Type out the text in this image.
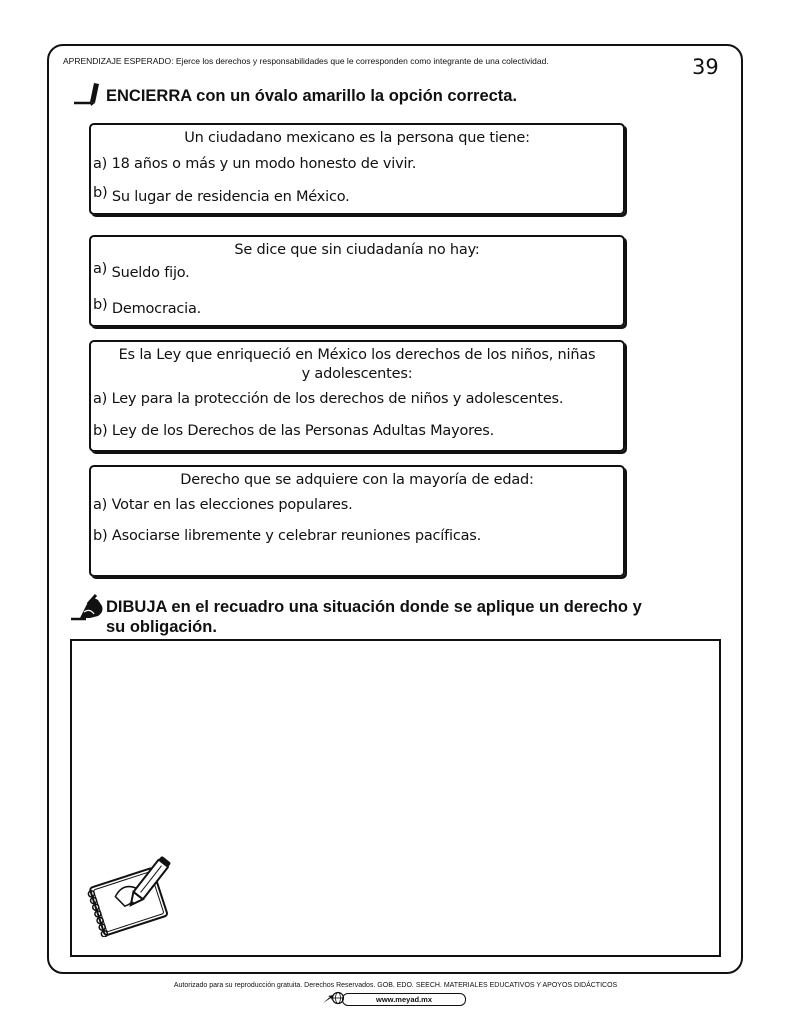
APRENDIZAJE ESPERADO: Ejerce los derechos y responsabilidades que le corresponden como integrante de una colectividad.	39
ENCIERRA con un óvalo amarillo la opción correcta.
Un ciudadano mexicano es la persona que tiene:
a) 18 años o más y un modo honesto de vivir.
b) Su lugar de residencia en México.
Se dice que sin ciudadanía no hay:
a) Sueldo fijo.
b) Democracia.
Es la Ley que enriqueció en México los derechos de los niños, niñas
y adolescentes:
a) Ley para la protección de los derechos de niños y adolescentes.
b) Ley de los Derechos de las Personas Adultas Mayores.
Derecho que se adquiere con la mayoría de edad:
a) Votar en las elecciones populares.
b) Asociarse libremente y celebrar reuniones pacíficas.
DIBUJA en el recuadro una situación donde se aplique un derecho y
su obligación.
Autorizado para su reproducción gratuita. Derechos Reservados. GOB. EDO. SEECH. MATERIALES EDUCATIVOS Y APOYOS DIDÁCTICOS
www.meyad.mx
